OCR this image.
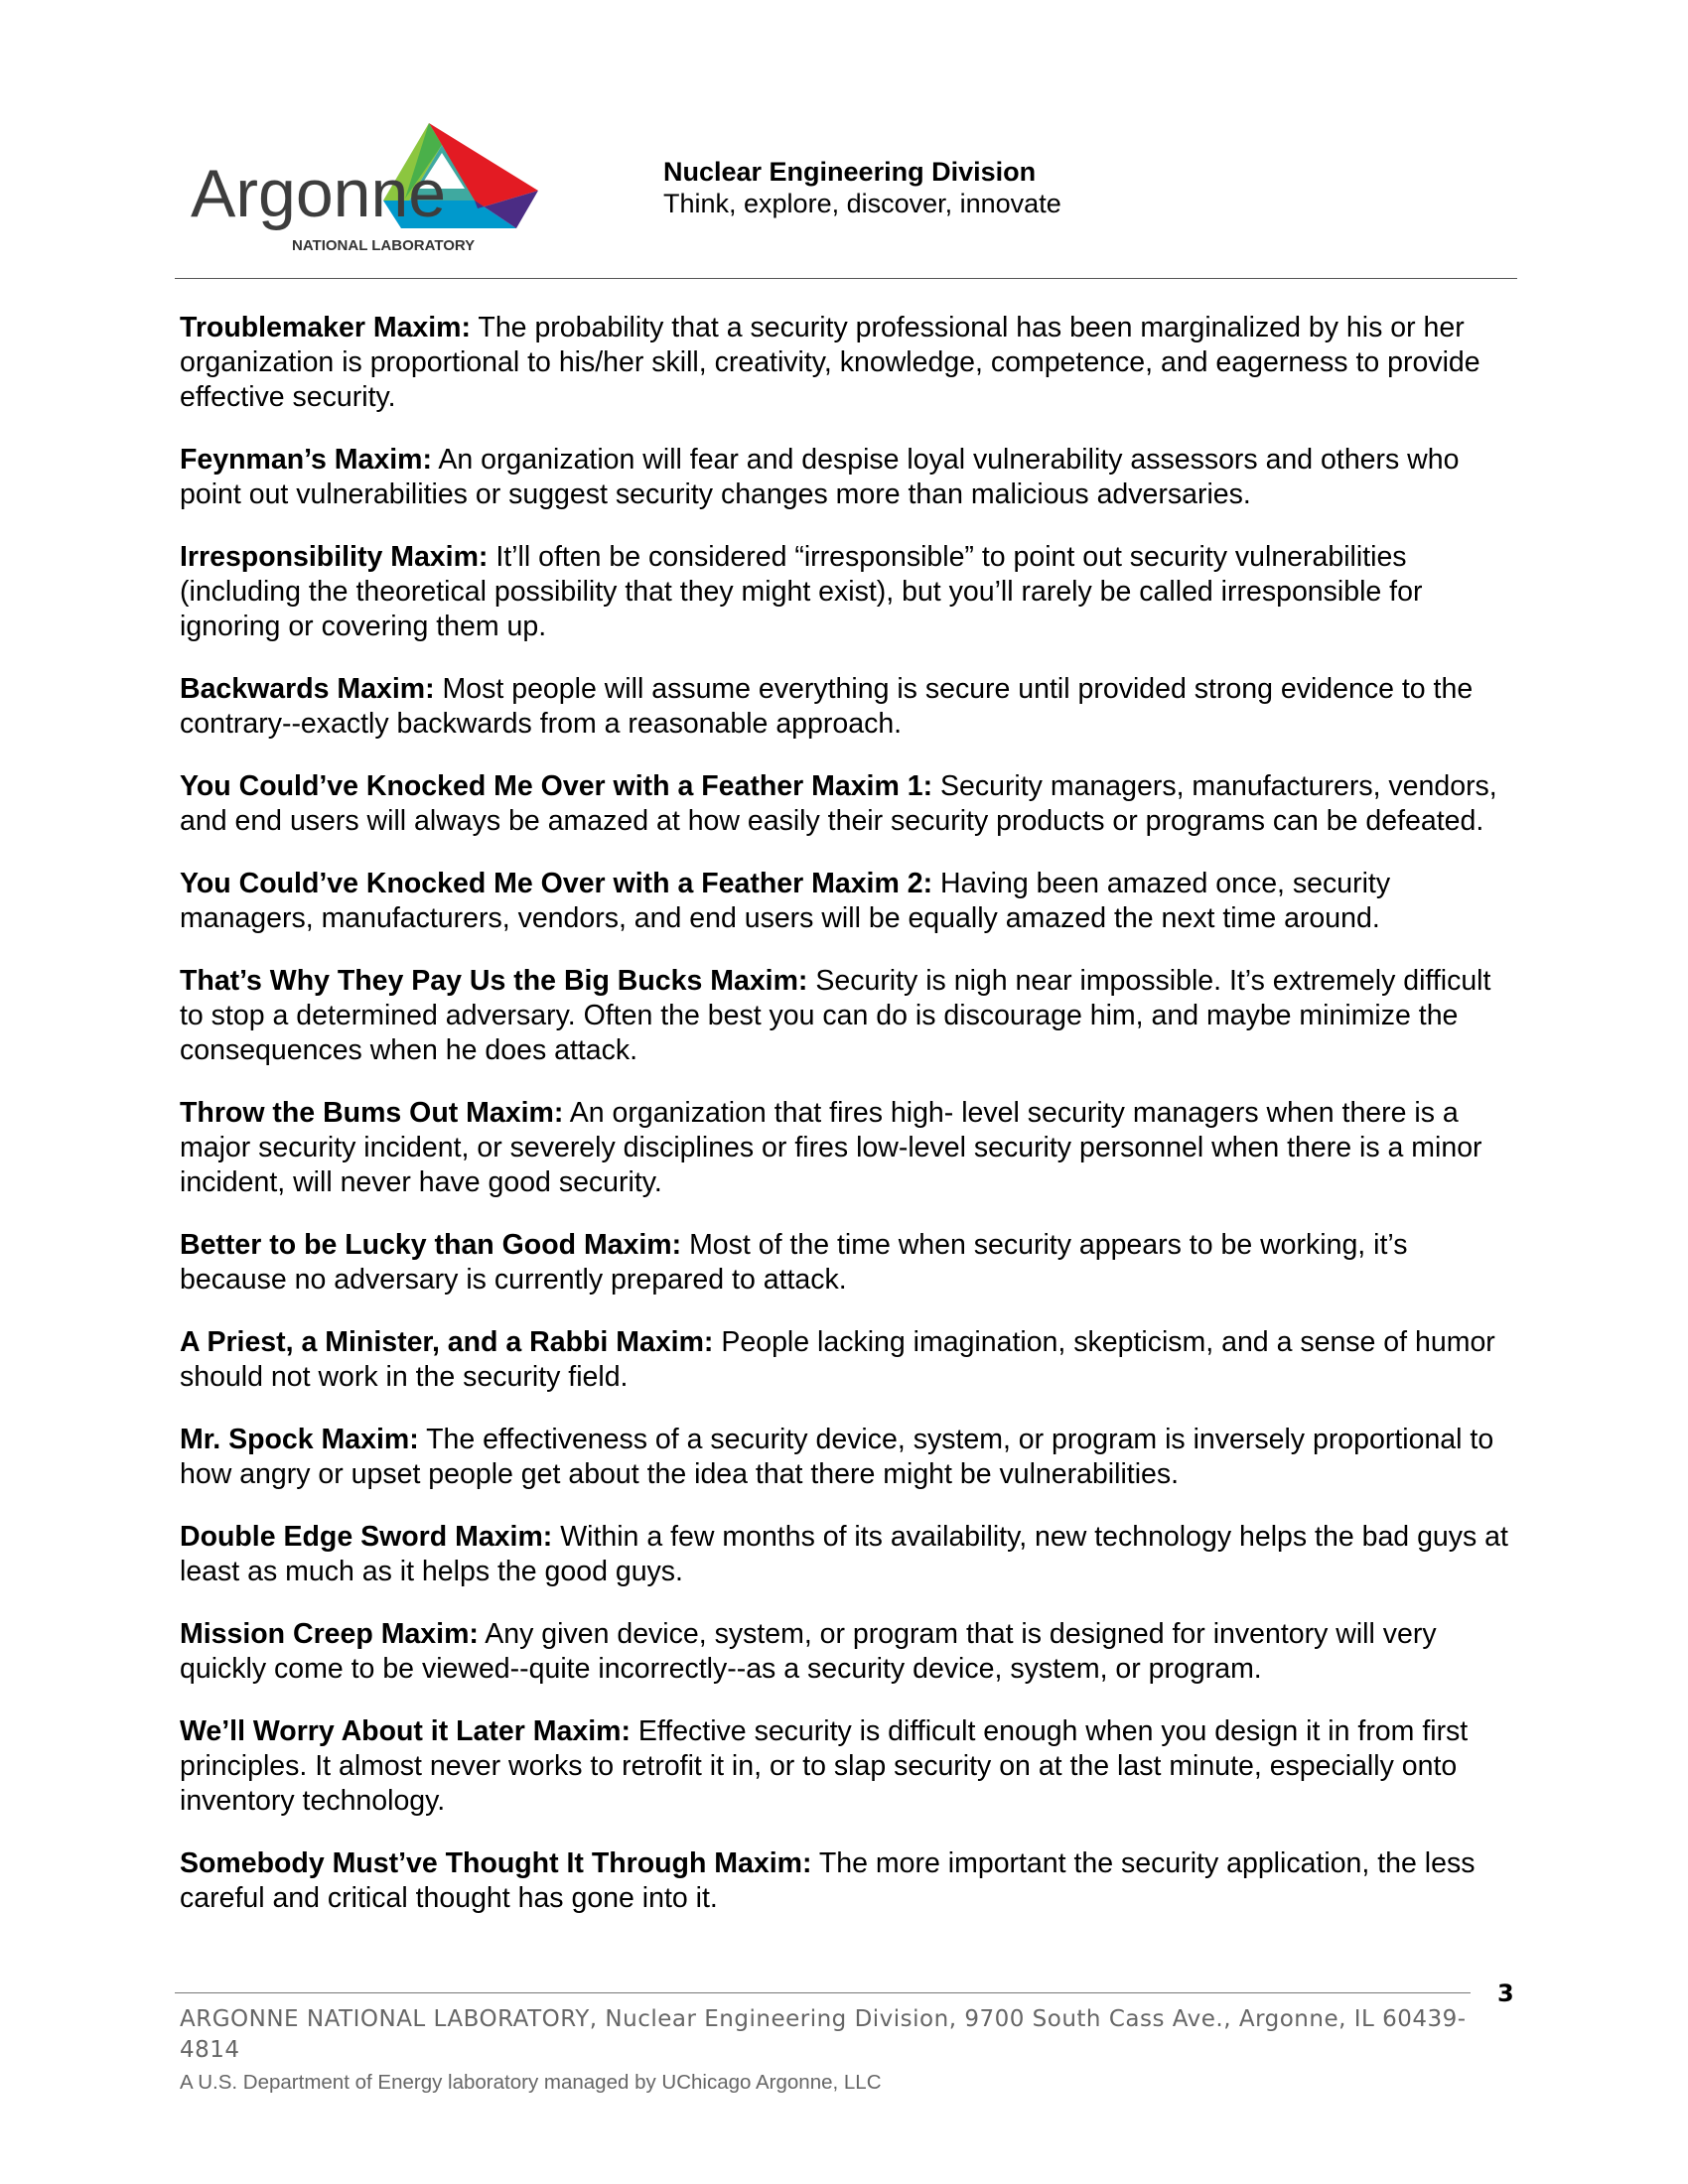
Argonne
NATIONAL LABORATORY
Nuclear Engineering Division
Think, explore, discover, innovate

Troublemaker Maxim: The probability that a security professional has been marginalized by his or her organization is proportional to his/her skill, creativity, knowledge, competence, and eagerness to provide effective security.

Feynman’s Maxim: An organization will fear and despise loyal vulnerability assessors and others who point out vulnerabilities or suggest security changes more than malicious adversaries.

Irresponsibility Maxim: It’ll often be considered “irresponsible” to point out security vulnerabilities (including the theoretical possibility that they might exist), but you’ll rarely be called irresponsible for ignoring or covering them up.

Backwards Maxim: Most people will assume everything is secure until provided strong evidence to the contrary--exactly backwards from a reasonable approach.

You Could’ve Knocked Me Over with a Feather Maxim 1: Security managers, manufacturers, vendors, and end users will always be amazed at how easily their security products or programs can be defeated.

You Could’ve Knocked Me Over with a Feather Maxim 2: Having been amazed once, security managers, manufacturers, vendors, and end users will be equally amazed the next time around.

That’s Why They Pay Us the Big Bucks Maxim: Security is nigh near impossible. It’s extremely difficult to stop a determined adversary. Often the best you can do is discourage him, and maybe minimize the consequences when he does attack.

Throw the Bums Out Maxim: An organization that fires high- level security managers when there is a major security incident, or severely disciplines or fires low-level security personnel when there is a minor incident, will never have good security.

Better to be Lucky than Good Maxim: Most of the time when security appears to be working, it’s because no adversary is currently prepared to attack.

A Priest, a Minister, and a Rabbi Maxim: People lacking imagination, skepticism, and a sense of humor should not work in the security field.

Mr. Spock Maxim: The effectiveness of a security device, system, or program is inversely proportional to how angry or upset people get about the idea that there might be vulnerabilities.

Double Edge Sword Maxim: Within a few months of its availability, new technology helps the bad guys at least as much as it helps the good guys.

Mission Creep Maxim: Any given device, system, or program that is designed for inventory will very quickly come to be viewed--quite incorrectly--as a security device, system, or program.

We’ll Worry About it Later Maxim: Effective security is difficult enough when you design it in from first principles. It almost never works to retrofit it in, or to slap security on at the last minute, especially onto inventory technology.

Somebody Must’ve Thought It Through Maxim: The more important the security application, the less careful and critical thought has gone into it.

3
ARGONNE NATIONAL LABORATORY, Nuclear Engineering Division, 9700 South Cass Ave., Argonne, IL 60439-4814
A U.S. Department of Energy laboratory managed by UChicago Argonne, LLC
